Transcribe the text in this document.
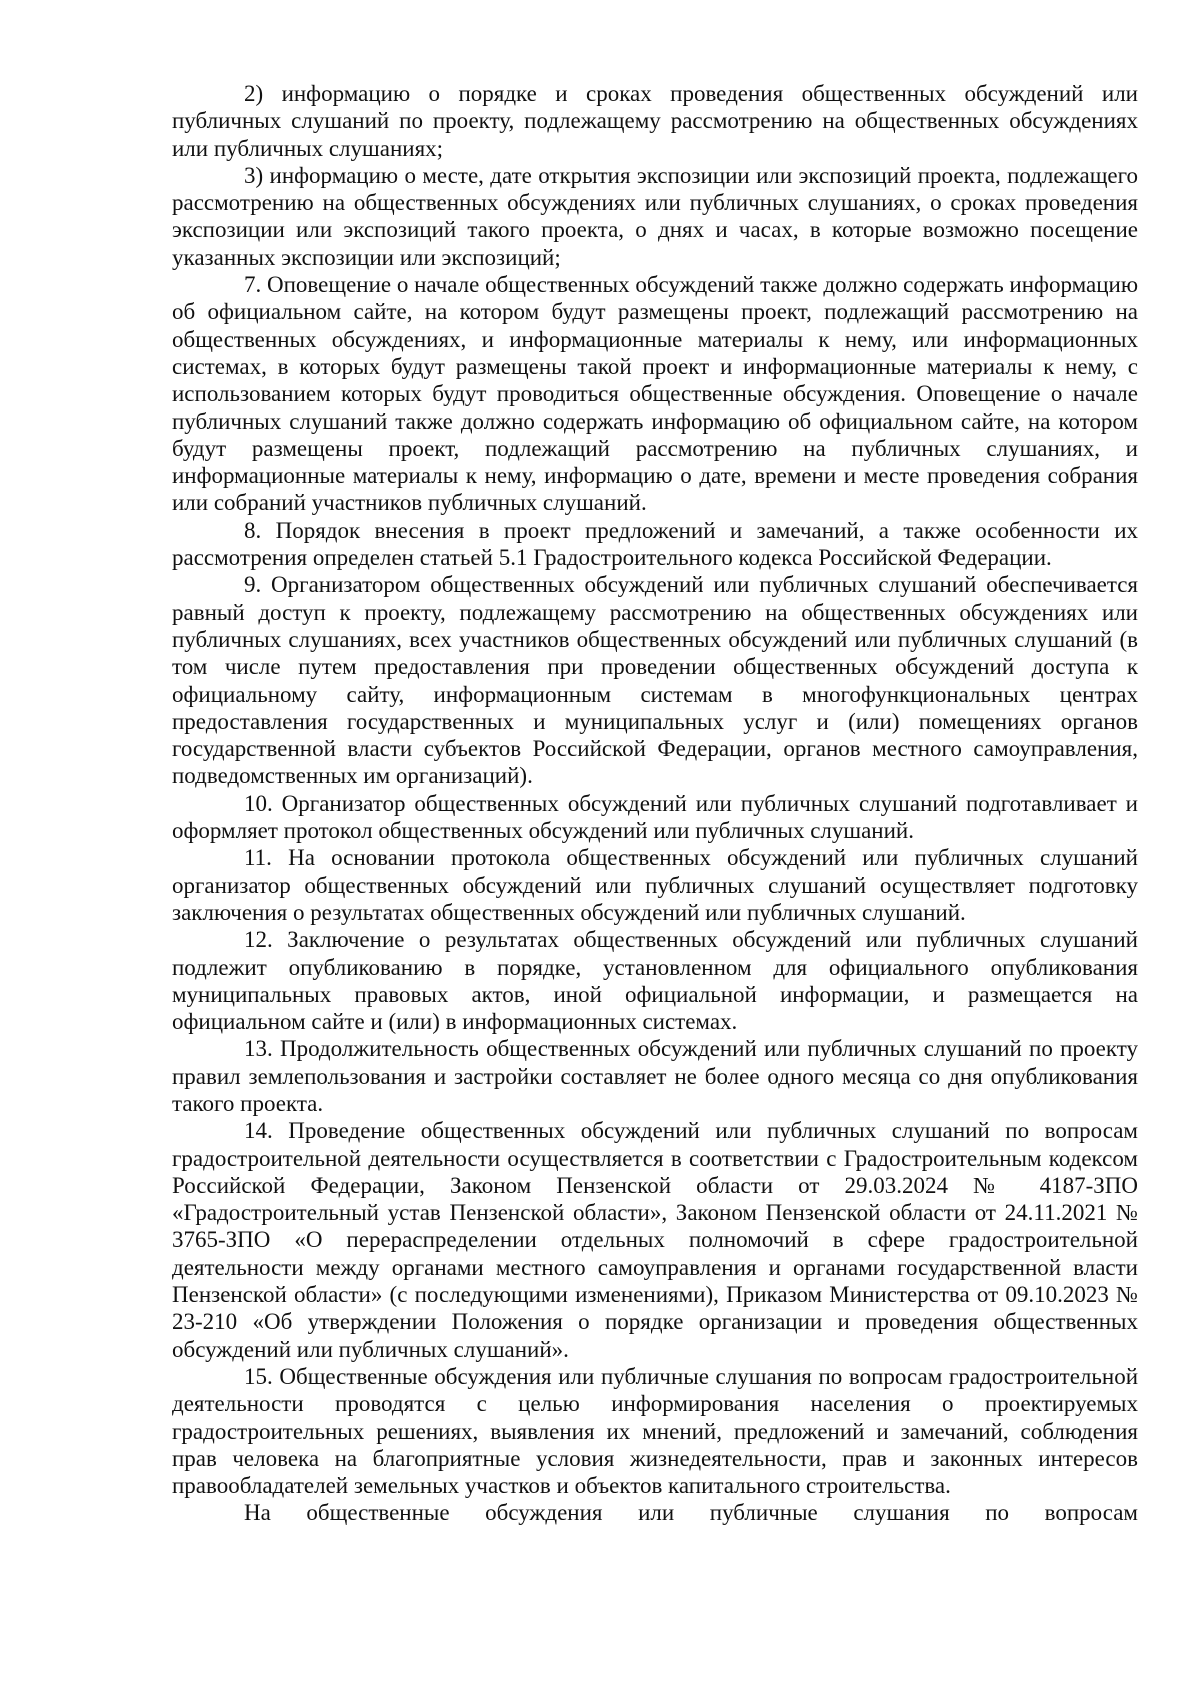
2) информацию о порядке и сроках проведения общественных обсуждений или публичных слушаний по проекту, подлежащему рассмотрению на общественных обсуждениях или публичных слушаниях;

3) информацию о месте, дате открытия экспозиции или экспозиций проекта, подлежащего рассмотрению на общественных обсуждениях или публичных слушаниях, о сроках проведения экспозиции или экспозиций такого проекта, о днях и часах, в которые возможно посещение указанных экспозиции или экспозиций;

7. Оповещение о начале общественных обсуждений также должно содержать информацию об официальном сайте, на котором будут размещены проект, подлежащий рассмотрению на общественных обсуждениях, и информационные материалы к нему, или информационных системах, в которых будут размещены такой проект и информационные материалы к нему, с использованием которых будут проводиться общественные обсуждения. Оповещение о начале публичных слушаний также должно содержать информацию об официальном сайте, на котором будут размещены проект, подлежащий рассмотрению на публичных слушаниях, и информационные материалы к нему, информацию о дате, времени и месте проведения собрания или собраний участников публичных слушаний.

8. Порядок внесения в проект предложений и замечаний, а также особенности их рассмотрения определен статьей 5.1 Градостроительного кодекса Российской Федерации.

9. Организатором общественных обсуждений или публичных слушаний обеспечивается равный доступ к проекту, подлежащему рассмотрению на общественных обсуждениях или публичных слушаниях, всех участников общественных обсуждений или публичных слушаний (в том числе путем предоставления при проведении общественных обсуждений доступа к официальному сайту, информационным системам в многофункциональных центрах предоставления государственных и муниципальных услуг и (или) помещениях органов государственной власти субъектов Российской Федерации, органов местного самоуправления, подведомственных им организаций).

10. Организатор общественных обсуждений или публичных слушаний подготавливает и оформляет протокол общественных обсуждений или публичных слушаний.

11. На основании протокола общественных обсуждений или публичных слушаний организатор общественных обсуждений или публичных слушаний осуществляет подготовку заключения о результатах общественных обсуждений или публичных слушаний.

12. Заключение о результатах общественных обсуждений или публичных слушаний подлежит опубликованию в порядке, установленном для официального опубликования муниципальных правовых актов, иной официальной информации, и размещается на официальном сайте и (или) в информационных системах.

13. Продолжительность общественных обсуждений или публичных слушаний по проекту правил землепользования и застройки составляет не более одного месяца со дня опубликования такого проекта.

14. Проведение общественных обсуждений или публичных слушаний по вопросам градостроительной деятельности осуществляется в соответствии с Градостроительным кодексом Российской Федерации, Законом Пензенской области от 29.03.2024 № 4187-ЗПО «Градостроительный устав Пензенской области», Законом Пензенской области от 24.11.2021 № 3765-ЗПО «О перераспределении отдельных полномочий в сфере градостроительной деятельности между органами местного самоуправления и органами государственной власти Пензенской области» (с последующими изменениями), Приказом Министерства от 09.10.2023 № 23-210 «Об утверждении Положения о порядке организации и проведения общественных обсуждений или публичных слушаний».

15. Общественные обсуждения или публичные слушания по вопросам градостроительной деятельности проводятся с целью информирования населения о проектируемых градостроительных решениях, выявления их мнений, предложений и замечаний, соблюдения прав человека на благоприятные условия жизнедеятельности, прав и законных интересов правообладателей земельных участков и объектов капитального строительства.

На общественные обсуждения или публичные слушания по вопросам
